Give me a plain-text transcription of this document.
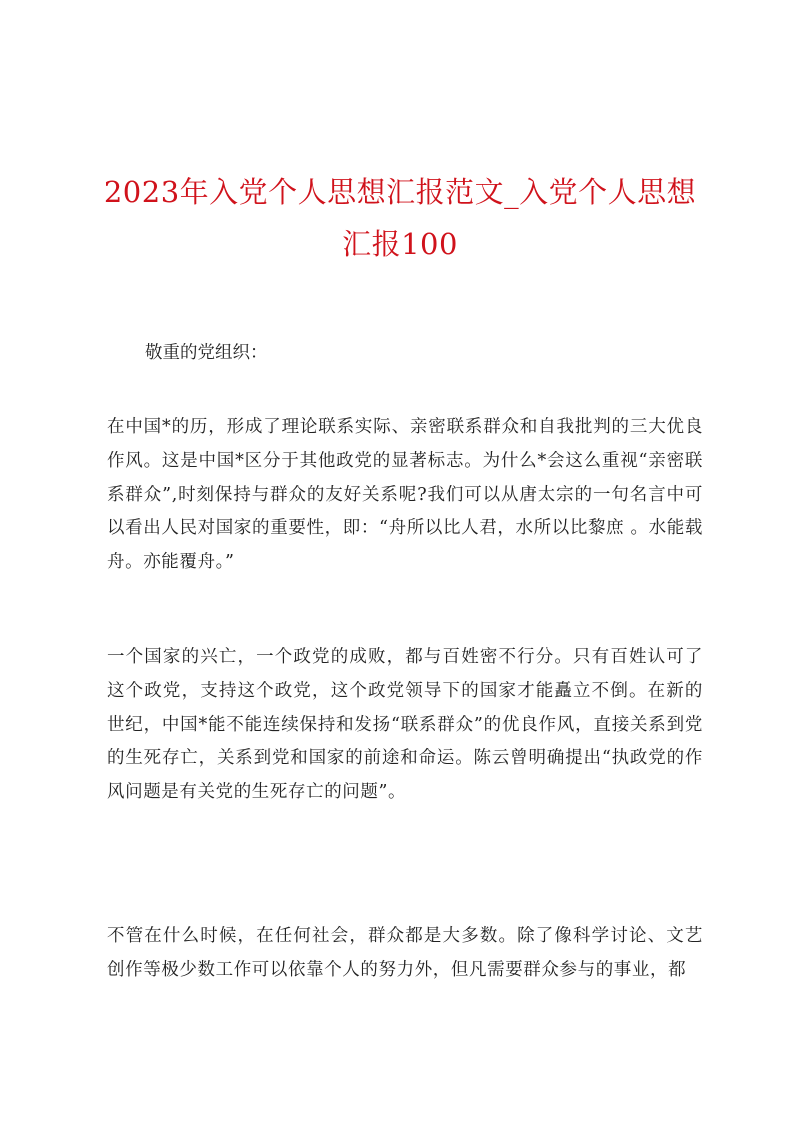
2023年入党个人思想汇报范文_入党个人思想汇报100

敬重的党组织：

在中国*的历，形成了理论联系实际、亲密联系群众和自我批判的三大优良作风。这是中国*区分于其他政党的显著标志。为什么*会这么重视“亲密联系群众”,时刻保持与群众的友好关系呢?我们可以从唐太宗的一句名言中可以看出人民对国家的重要性，即：“舟所以比人君，水所以比黎庶 。水能载舟。亦能覆舟。”

一个国家的兴亡，一个政党的成败，都与百姓密不行分。只有百姓认可了这个政党，支持这个政党，这个政党领导下的国家才能矗立不倒。在新的世纪，中国*能不能连续保持和发扬“联系群众”的优良作风，直接关系到党的生死存亡，关系到党和国家的前途和命运。陈云曾明确提出“执政党的作风问题是有关党的生死存亡的问题”。

不管在什么时候，在任何社会，群众都是大多数。除了像科学讨论、文艺创作等极少数工作可以依靠个人的努力外，但凡需要群众参与的事业，都
